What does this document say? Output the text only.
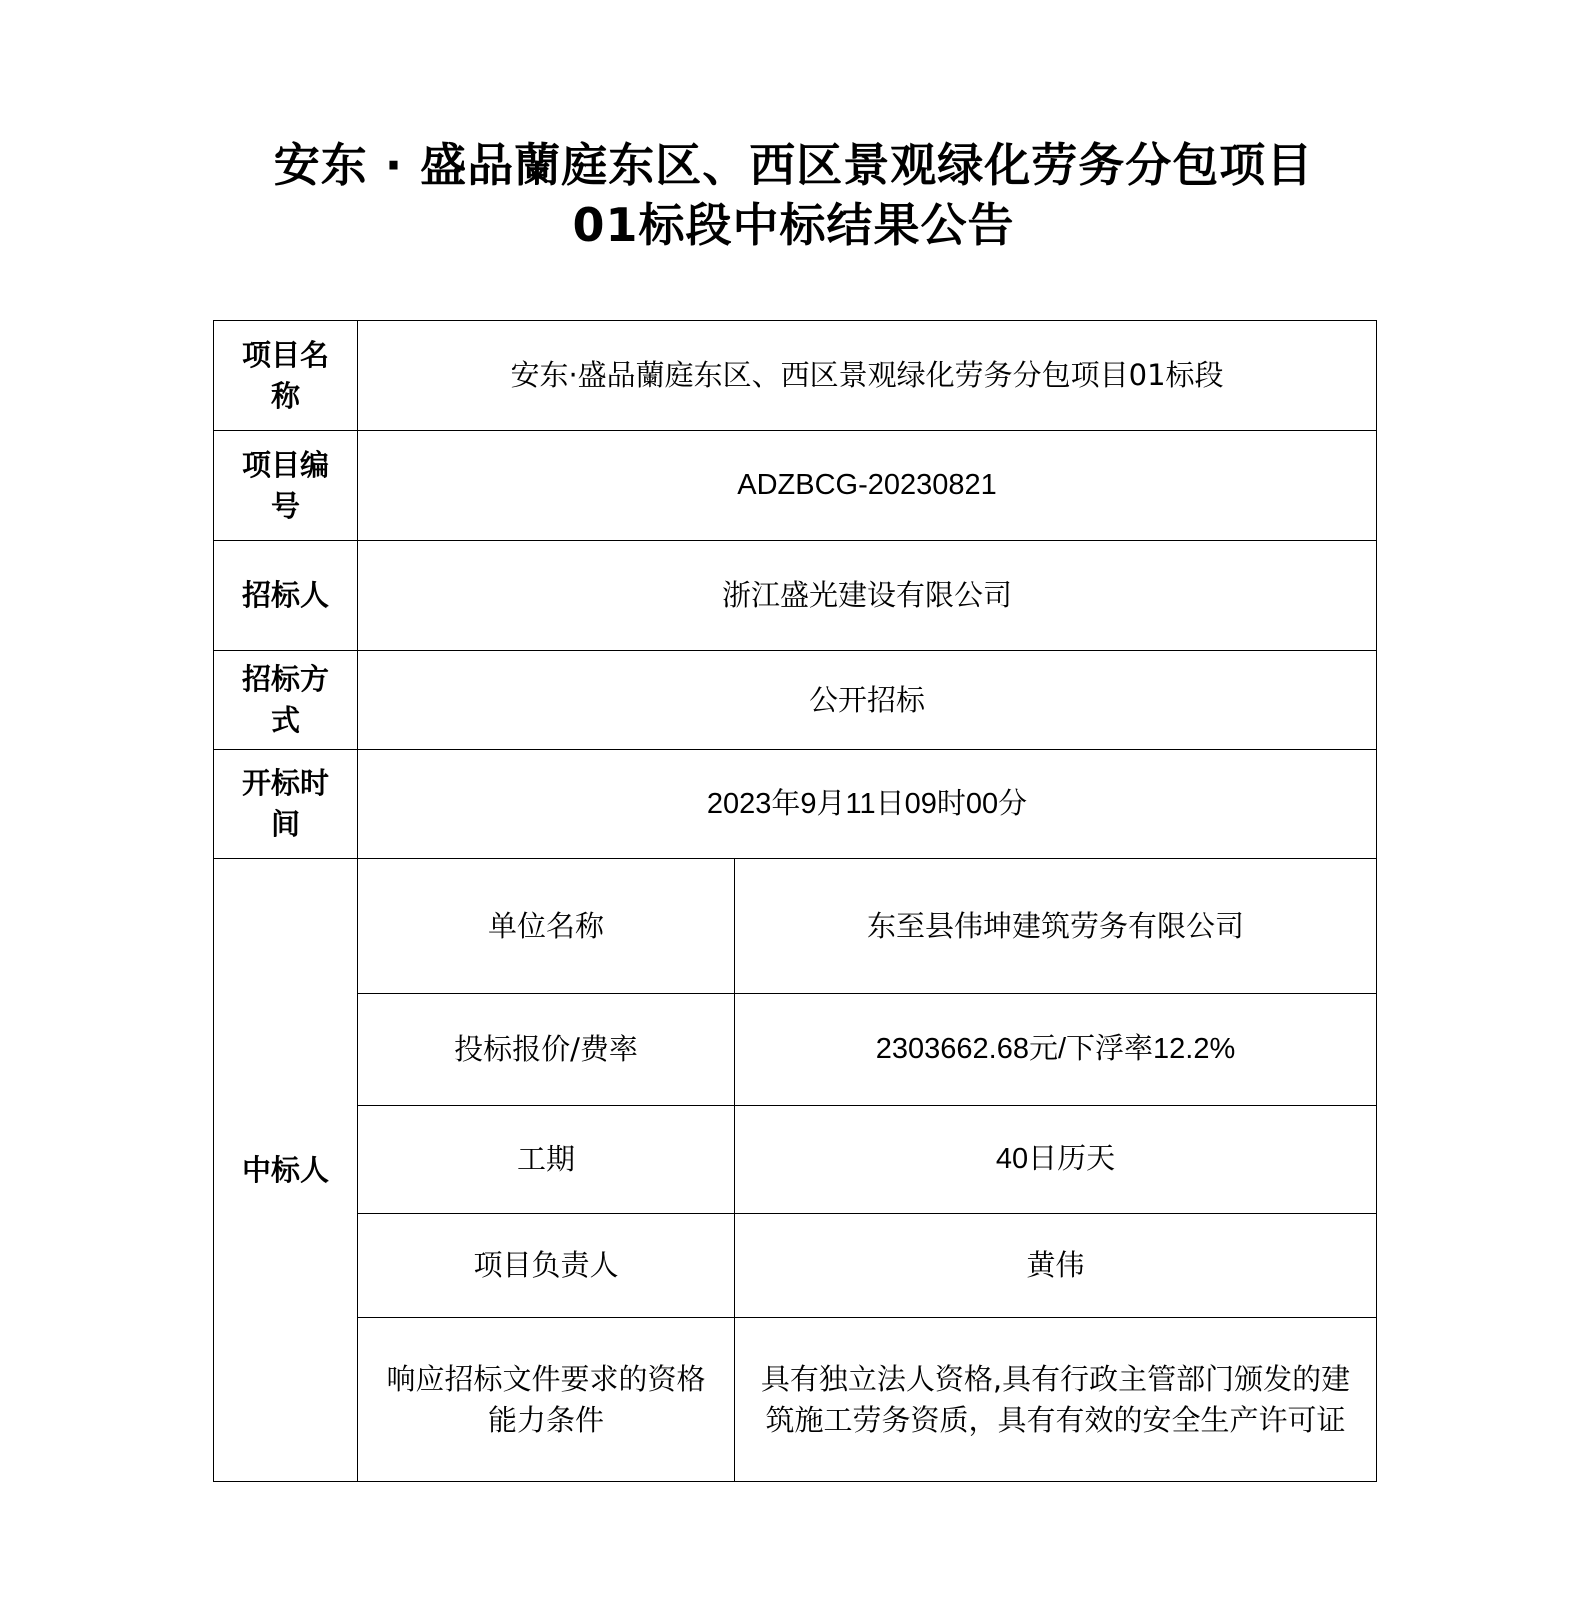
安东 · 盛品蘭庭东区、西区景观绿化劳务分包项目
01标段中标结果公告
项目名称	安东·盛品蘭庭东区、西区景观绿化劳务分包项目01标段	
项目编号	ADZBCG-20230821	
招标人	浙江盛光建设有限公司	
招标方式	公开招标	
开标时间	2023年9月11日09时00分	
中标人	单位名称	东至县伟坤建筑劳务有限公司
	投标报价/费率	2303662.68元/下浮率12.2%
	工期	40日历天
	项目负责人	黄伟
	响应招标文件要求的资格能力条件	具有独立法人资格,具有行政主管部门颁发的建筑施工劳务资质，具有有效的安全生产许可证
